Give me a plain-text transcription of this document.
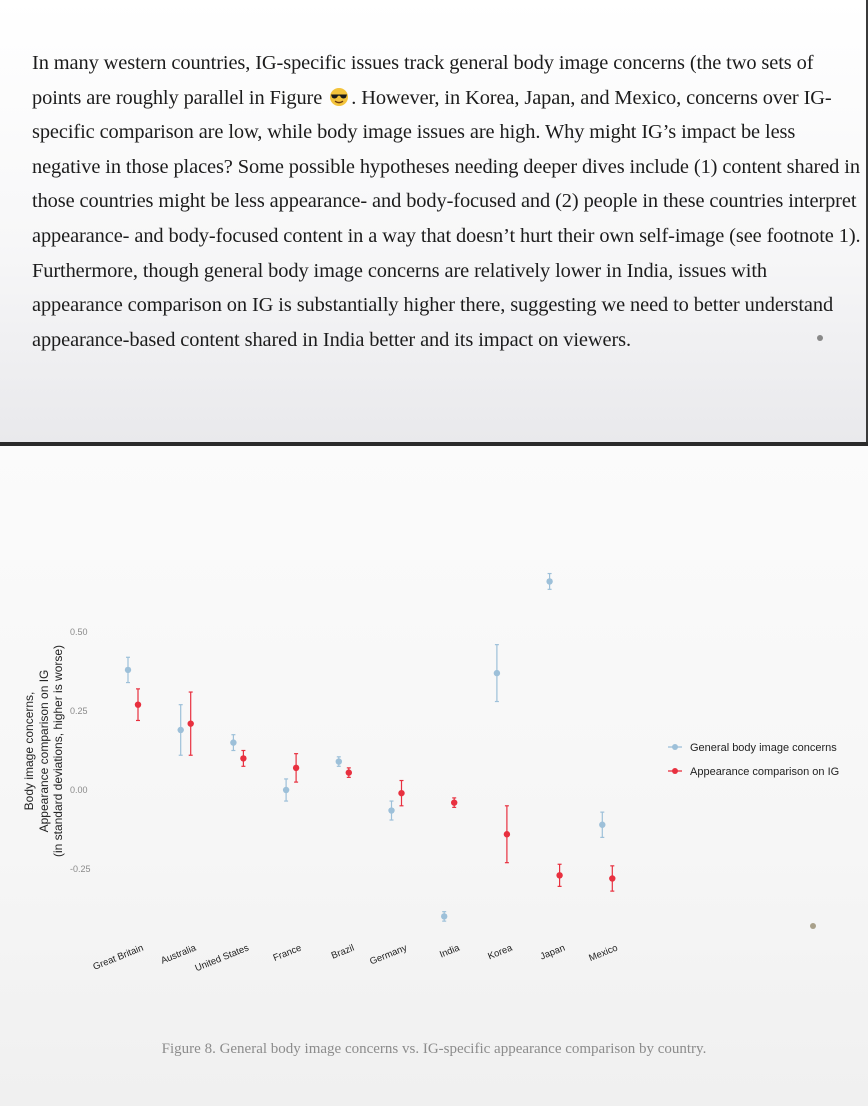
In many western countries, IG-specific issues track general body image concerns (the two sets of points are roughly parallel in Figure . However, in Korea, Japan, and Mexico, concerns over IG-specific comparison are low, while body image issues are high. Why might IG’s impact be less negative in those places? Some possible hypotheses needing deeper dives include (1) content shared in those countries might be less appearance- and body-focused and (2) people in these countries interpret appearance- and body-focused content in a way that doesn’t hurt their own self-image (see footnote 1). Furthermore, though general body image concerns are relatively lower in India, issues with appearance comparison on IG is substantially higher there, suggesting we need to better understand appearance-based content shared in India better and its impact on viewers.

Body image concerns, Appearance comparison on IG (in standard deviations, higher is worse)
0.50
0.25
0.00
-0.25
Great Britain Australia
United States France	Brazil Germany	India	Korea	Japan Mexico
General body image concerns
Appearance comparison on IG
Figure 8. General body image concerns vs. IG-specific appearance comparison by country.
